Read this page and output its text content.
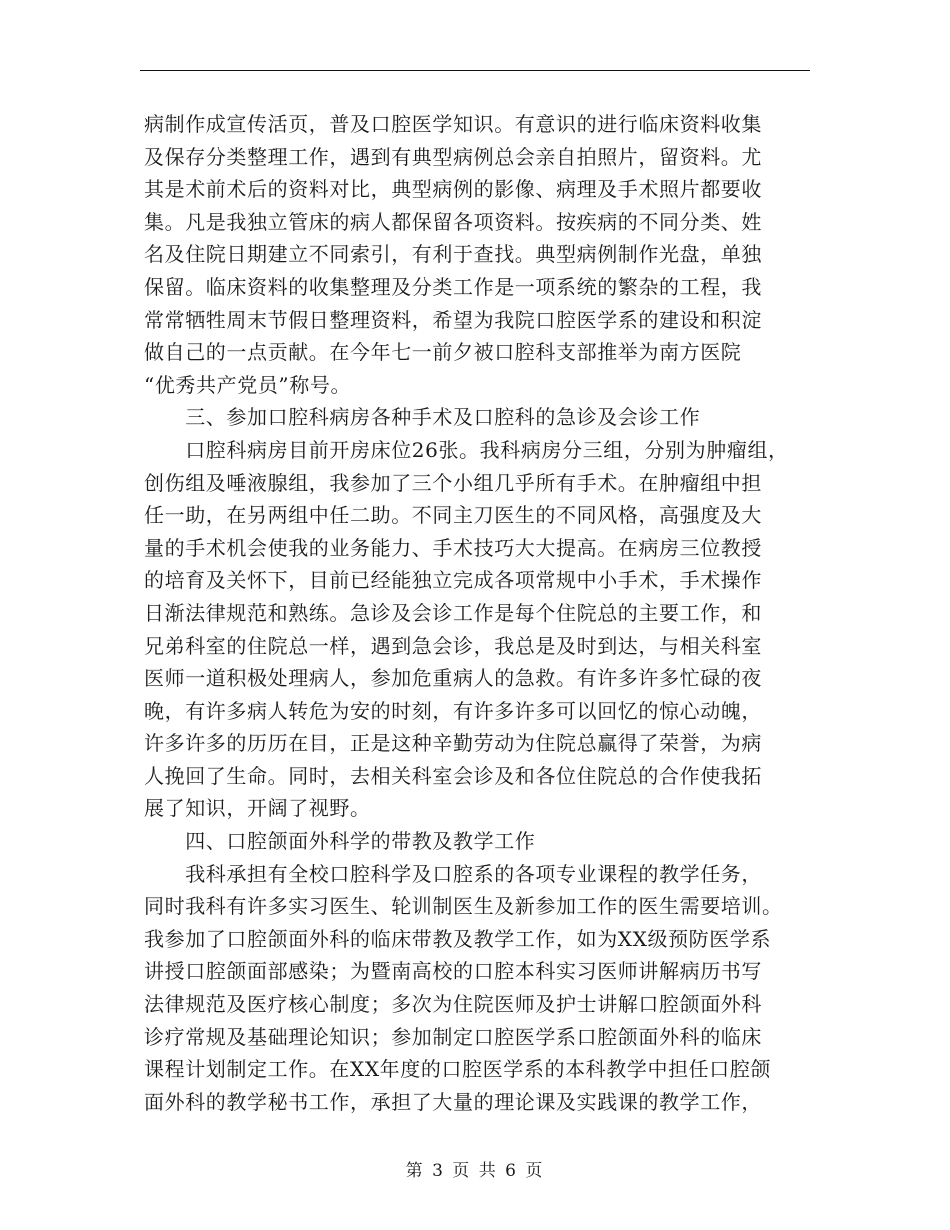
病制作成宣传活页，普及口腔医学知识。有意识的进行临床资料收集
及保存分类整理工作，遇到有典型病例总会亲自拍照片，留资料。尤
其是术前术后的资料对比，典型病例的影像、病理及手术照片都要收
集。凡是我独立管床的病人都保留各项资料。按疾病的不同分类、姓
名及住院日期建立不同索引，有利于查找。典型病例制作光盘，单独
保留。临床资料的收集整理及分类工作是一项系统的繁杂的工程，我
常常牺牲周末节假日整理资料，希望为我院口腔医学系的建设和积淀
做自己的一点贡献。在今年七一前夕被口腔科支部推举为南方医院
“优秀共产党员”称号。
　　三、参加口腔科病房各种手术及口腔科的急诊及会诊工作
　　口腔科病房目前开房床位26张。我科病房分三组，分别为肿瘤组，
创伤组及唾液腺组，我参加了三个小组几乎所有手术。在肿瘤组中担
任一助，在另两组中任二助。不同主刀医生的不同风格，高强度及大
量的手术机会使我的业务能力、手术技巧大大提高。在病房三位教授
的培育及关怀下，目前已经能独立完成各项常规中小手术，手术操作
日渐法律规范和熟练。急诊及会诊工作是每个住院总的主要工作，和
兄弟科室的住院总一样，遇到急会诊，我总是及时到达，与相关科室
医师一道积极处理病人，参加危重病人的急救。有许多许多忙碌的夜
晚，有许多病人转危为安的时刻，有许多许多可以回忆的惊心动魄，
许多许多的历历在目，正是这种辛勤劳动为住院总赢得了荣誉，为病
人挽回了生命。同时，去相关科室会诊及和各位住院总的合作使我拓
展了知识，开阔了视野。
　　四、口腔颌面外科学的带教及教学工作
　　我科承担有全校口腔科学及口腔系的各项专业课程的教学任务，
同时我科有许多实习医生、轮训制医生及新参加工作的医生需要培训。
我参加了口腔颌面外科的临床带教及教学工作，如为XX级预防医学系
讲授口腔颌面部感染；为暨南高校的口腔本科实习医师讲解病历书写
法律规范及医疗核心制度；多次为住院医师及护士讲解口腔颌面外科
诊疗常规及基础理论知识；参加制定口腔医学系口腔颌面外科的临床
课程计划制定工作。在XX年度的口腔医学系的本科教学中担任口腔颌
面外科的教学秘书工作，承担了大量的理论课及实践课的教学工作，
第 3 页 共 6 页
